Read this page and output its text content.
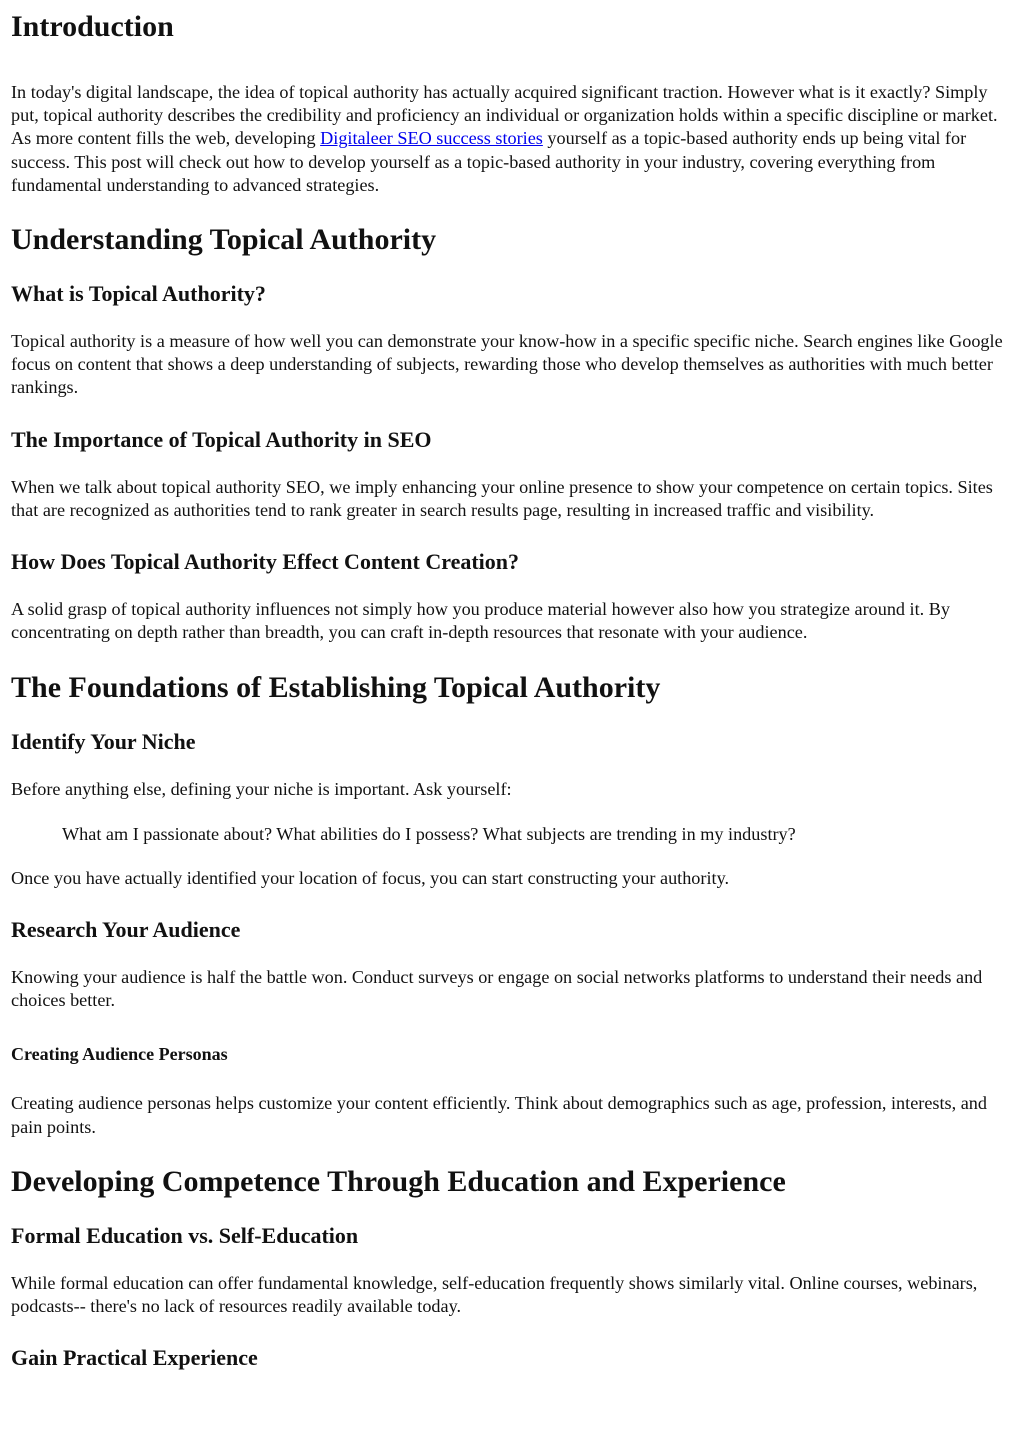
Introduction

In today's digital landscape, the idea of topical authority has actually acquired significant traction. However what is it exactly? Simply put, topical authority describes the credibility and proficiency an individual or organization holds within a specific discipline or market. As more content fills the web, developing Digitaleer SEO success stories yourself as a topic-based authority ends up being vital for success. This post will check out how to develop yourself as a topic-based authority in your industry, covering everything from fundamental understanding to advanced strategies.

Understanding Topical Authority
What is Topical Authority?

Topical authority is a measure of how well you can demonstrate your know-how in a specific specific niche. Search engines like Google focus on content that shows a deep understanding of subjects, rewarding those who develop themselves as authorities with much better rankings.

The Importance of Topical Authority in SEO

When we talk about topical authority SEO, we imply enhancing your online presence to show your competence on certain topics. Sites that are recognized as authorities tend to rank greater in search results page, resulting in increased traffic and visibility.

How Does Topical Authority Effect Content Creation?

A solid grasp of topical authority influences not simply how you produce material however also how you strategize around it. By concentrating on depth rather than breadth, you can craft in-depth resources that resonate with your audience.

The Foundations of Establishing Topical Authority
Identify Your Niche

Before anything else, defining your niche is important. Ask yourself:

What am I passionate about? What abilities do I possess? What subjects are trending in my industry?

Once you have actually identified your location of focus, you can start constructing your authority.

Research Your Audience

Knowing your audience is half the battle won. Conduct surveys or engage on social networks platforms to understand their needs and choices better.

Creating Audience Personas

Creating audience personas helps customize your content efficiently. Think about demographics such as age, profession, interests, and pain points.

Developing Competence Through Education and Experience
Formal Education vs. Self-Education

While formal education can offer fundamental knowledge, self-education frequently shows similarly vital. Online courses, webinars, podcasts-- there's no lack of resources readily available today.

Gain Practical Experience
